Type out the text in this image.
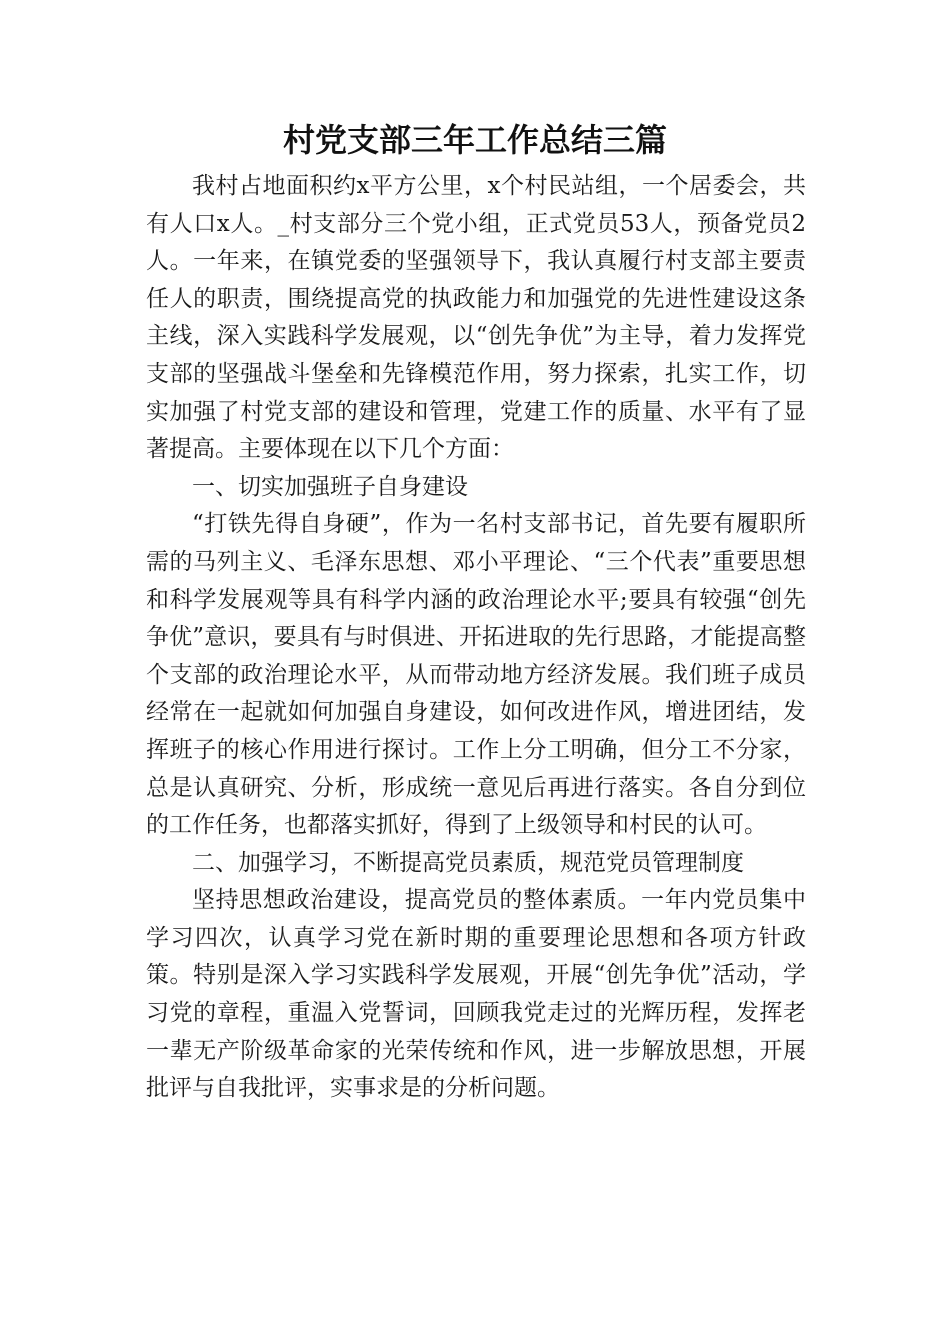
村党支部三年工作总结三篇

我村占地面积约x平方公里，x个村民站组，一个居委会，共有人口x人。_村支部分三个党小组，正式党员53人，预备党员2人。一年来，在镇党委的坚强领导下，我认真履行村支部主要责任人的职责，围绕提高党的执政能力和加强党的先进性建设这条主线，深入实践科学发展观，以“创先争优”为主导，着力发挥党支部的坚强战斗堡垒和先锋模范作用，努力探索，扎实工作，切实加强了村党支部的建设和管理，党建工作的质量、水平有了显著提高。主要体现在以下几个方面：

一、切实加强班子自身建设

“打铁先得自身硬”，作为一名村支部书记，首先要有履职所需的马列主义、毛泽东思想、邓小平理论、“三个代表”重要思想和科学发展观等具有科学内涵的政治理论水平;要具有较强“创先争优”意识，要具有与时俱进、开拓进取的先行思路，才能提高整个支部的政治理论水平，从而带动地方经济发展。我们班子成员经常在一起就如何加强自身建设，如何改进作风，增进团结，发挥班子的核心作用进行探讨。工作上分工明确，但分工不分家，总是认真研究、分析，形成统一意见后再进行落实。各自分到位的工作任务，也都落实抓好，得到了上级领导和村民的认可。

二、加强学习，不断提高党员素质，规范党员管理制度

坚持思想政治建设，提高党员的整体素质。一年内党员集中学习四次，认真学习党在新时期的重要理论思想和各项方针政策。特别是深入学习实践科学发展观，开展“创先争优”活动，学习党的章程，重温入党誓词，回顾我党走过的光辉历程，发挥老一辈无产阶级革命家的光荣传统和作风，进一步解放思想，开展批评与自我批评，实事求是的分析问题。
